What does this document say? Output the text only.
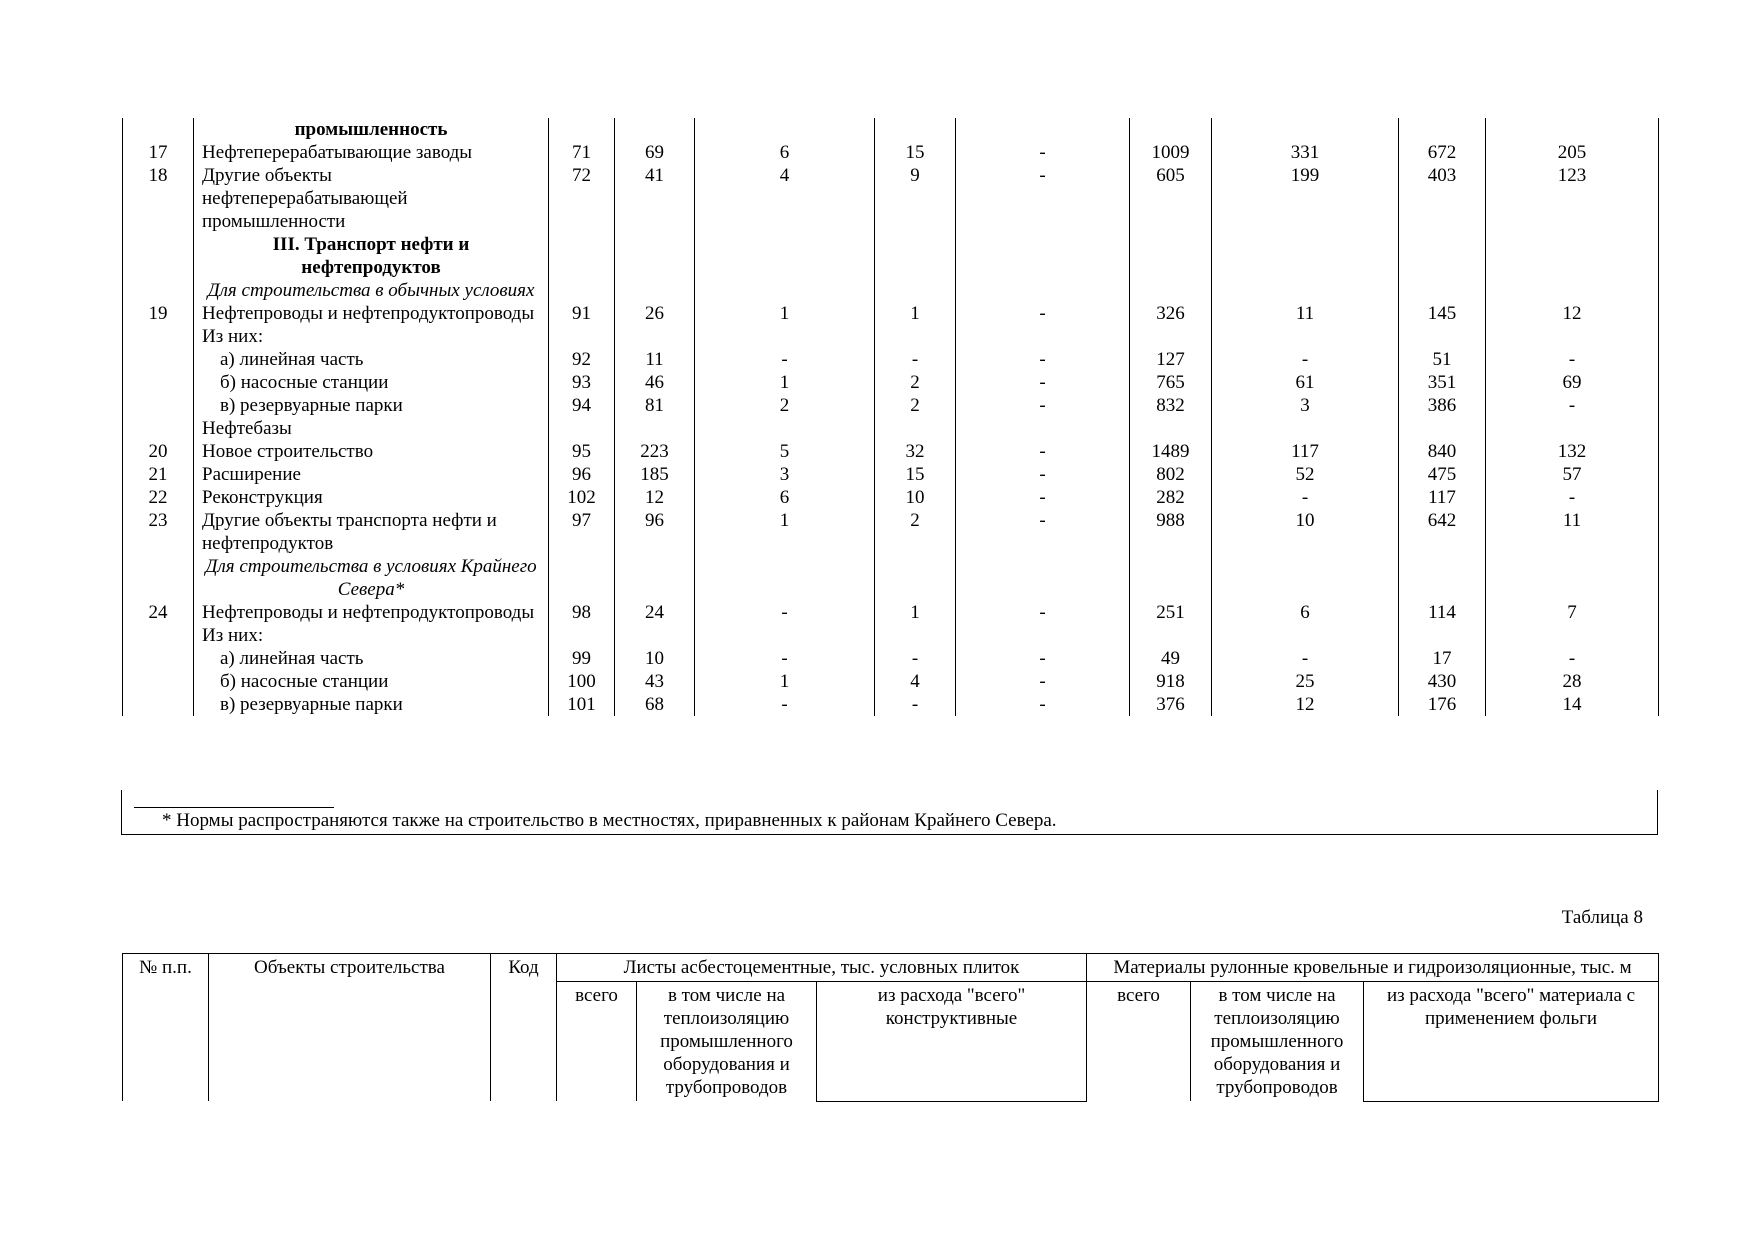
	промышленность									
17	Нефтеперерабатывающие заводы	71	69	6	15	-	1009	331	672	205
18	Другие объекты нефтеперерабатывающей промышленности	72	41	4	9	-	605	199	403	123
	III. Транспорт нефти и нефтепродуктов									
	Для строительства в обычных условиях									
19	Нефтепроводы и нефтепродуктопроводы	91	26	1	1	-	326	11	145	12
	Из них:									
	а) линейная часть	92	11	-	-	-	127	-	51	-
	б) насосные станции	93	46	1	2	-	765	61	351	69
	в) резервуарные парки	94	81	2	2	-	832	3	386	-
	Нефтебазы									
20	Новое строительство	95	223	5	32	-	1489	117	840	132
21	Расширение	96	185	3	15	-	802	52	475	57
22	Реконструкция	102	12	6	10	-	282	-	117	-
23	Другие объекты транспорта нефти и нефтепродуктов	97	96	1	2	-	988	10	642	11
	Для строительства в условиях Крайнего Севера*									
24	Нефтепроводы и нефтепродуктопроводы	98	24	-	1	-	251	6	114	7
	Из них:									
	а) линейная часть	99	10	-	-	-	49	-	17	-
	б) насосные станции	100	43	1	4	-	918	25	430	28
	в) резервуарные парки	101	68	-	-	-	376	12	176	14
* Нормы распространяются также на строительство в местностях, приравненных к районам Крайнего Севера.
Таблица 8
№ п.п.	Объекты строительства	Код	Листы асбестоцементные, тыс. условных плиток			Материалы рулонные кровельные и гидроизоляционные, тыс. м		
			всего	в том числе на теплоизоляцию промышленного оборудования и трубопроводов	из расхода "всего" конструктивные	всего	в том числе на теплоизоляцию промышленного оборудования и трубопроводов	из расхода "всего" материала с применением фольги
